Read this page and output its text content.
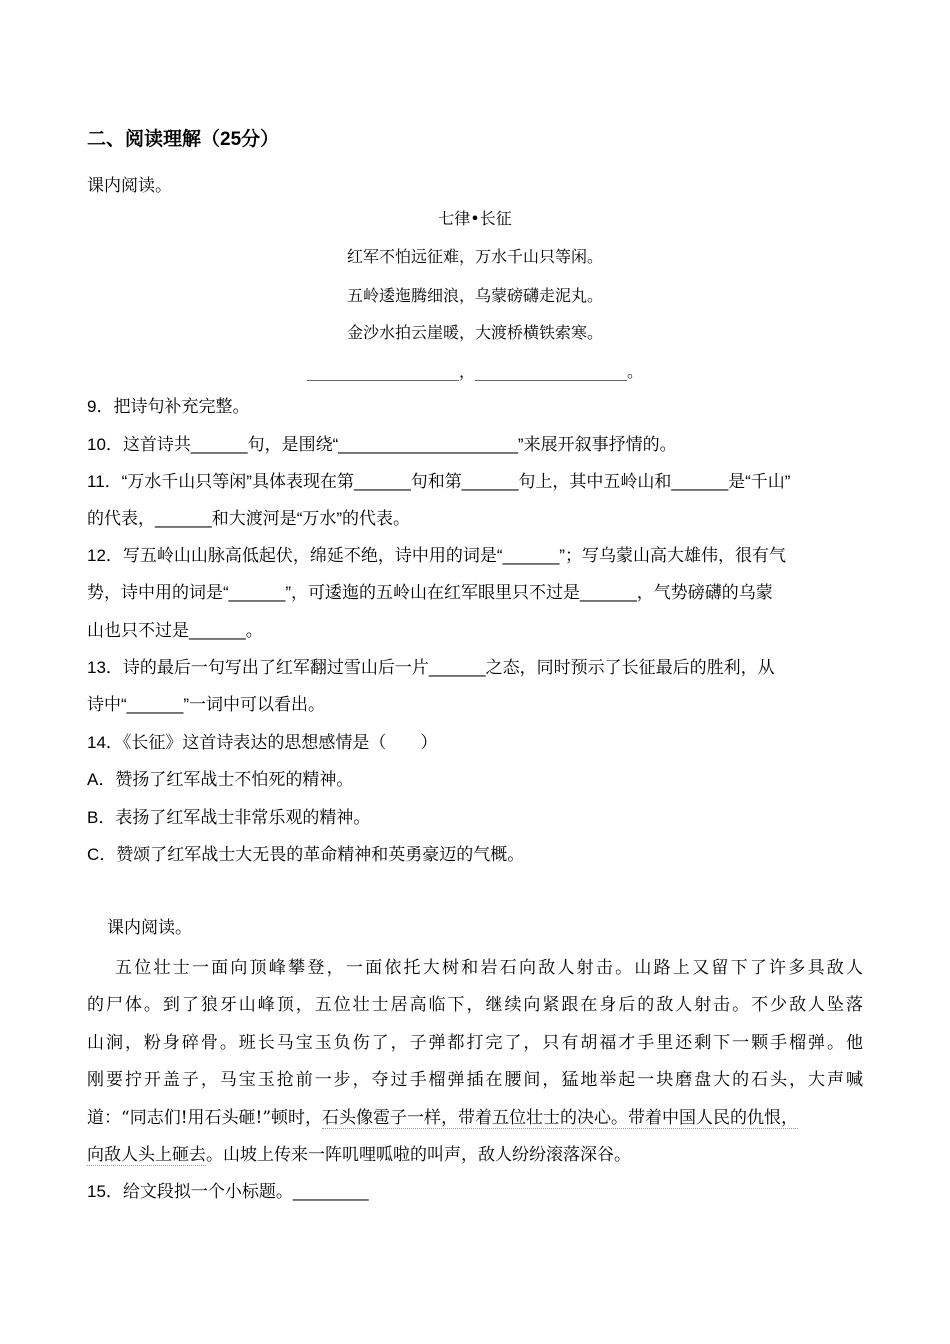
二、阅读理解（25分）
课内阅读。
七律•长征
红军不怕远征难，万水千山只等闲。
五岭逶迤腾细浪，乌蒙磅礴走泥丸。
金沙水拍云崖暖，大渡桥横铁索寒。
___________________，___________________。
9．把诗句补充完整。
10．这首诗共______句，是围绕“___________________”来展开叙事抒情的。
11．“万水千山只等闲”具体表现在第______句和第______句上，其中五岭山和______是“千山”
的代表，______和大渡河是“万水”的代表。
12．写五岭山山脉高低起伏，绵延不绝，诗中用的词是“______”；写乌蒙山高大雄伟，很有气
势，诗中用的词是“______”，可逶迤的五岭山在红军眼里只不过是______，气势磅礴的乌蒙
山也只不过是______。
13．诗的最后一句写出了红军翻过雪山后一片______之态，同时预示了长征最后的胜利，从
诗中“______”一词中可以看出。
14．《长征》这首诗表达的思想感情是（　　）
A．赞扬了红军战士不怕死的精神。
B．表扬了红军战士非常乐观的精神。
C．赞颂了红军战士大无畏的革命精神和英勇豪迈的气概。
课内阅读。
五位壮士一面向顶峰攀登，一面依托大树和岩石向敌人射击。山路上又留下了许多具敌人
的尸体。到了狼牙山峰顶，五位壮士居高临下，继续向紧跟在身后的敌人射击。不少敌人坠落
山涧，粉身碎骨。班长马宝玉负伤了，子弹都打完了，只有胡福才手里还剩下一颗手榴弹。他
刚要拧开盖子，马宝玉抢前一步，夺过手榴弹插在腰间，猛地举起一块磨盘大的石头，大声喊
道：“同志们!用石头砸!”顿时，石头像雹子一样，带着五位壮士的决心。带着中国人民的仇恨，
向敌人头上砸去。山坡上传来一阵叽哩呱啦的叫声，敌人纷纷滚落深谷。
15．给文段拟一个小标题。________
